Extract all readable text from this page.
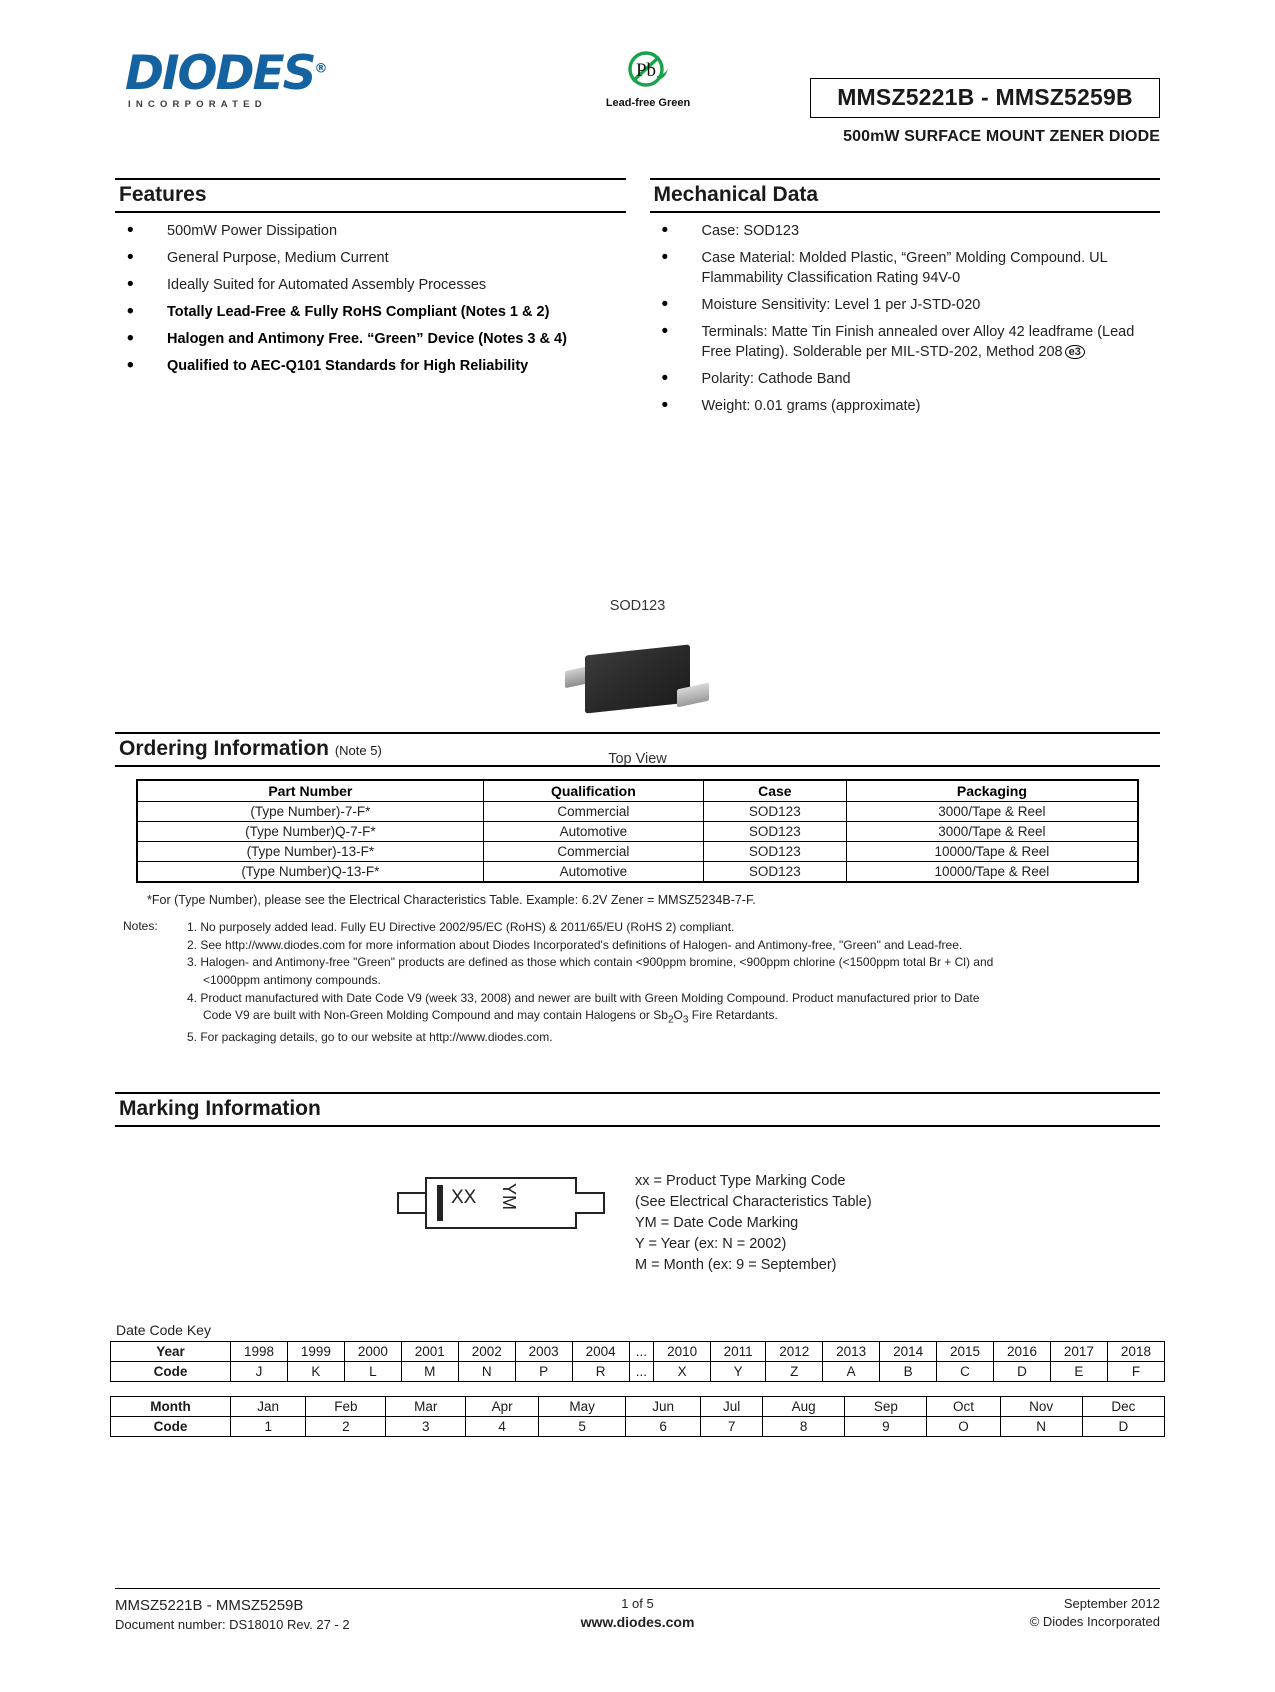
DIODES®
INCORPORATED
Pb
Lead-free Green	MMSZ5221B - MMSZ5259B
500mW SURFACE MOUNT ZENER DIODE
Features
• 500mW Power Dissipation
• General Purpose, Medium Current
• Ideally Suited for Automated Assembly Processes
• Totally Lead-Free & Fully RoHS Compliant (Notes 1 & 2)
• Halogen and Antimony Free. “Green” Device (Notes 3 & 4)
• Qualified to AEC-Q101 Standards for High Reliability
Mechanical Data
• Case: SOD123
• Case Material: Molded Plastic, “Green” Molding Compound. UL Flammability Classification Rating 94V-0
• Moisture Sensitivity: Level 1 per J-STD-020
• Terminals: Matte Tin Finish annealed over Alloy 42 leadframe (Lead Free Plating). Solderable per MIL-STD-202, Method 208 e3
• Polarity: Cathode Band
• Weight: 0.01 grams (approximate)
SOD123
Top View
Ordering Information (Note 5)
Part Number	Qualification	Case	Packaging
(Type Number)-7-F*	Commercial	SOD123	3000/Tape & Reel
(Type Number)Q-7-F*	Automotive	SOD123	3000/Tape & Reel
(Type Number)-13-F*	Commercial	SOD123	10000/Tape & Reel
(Type Number)Q-13-F*	Automotive	SOD123	10000/Tape & Reel
*For (Type Number), please see the Electrical Characteristics Table. Example: 6.2V Zener = MMSZ5234B-7-F.
Notes:	1. No purposely added lead. Fully EU Directive 2002/95/EC (RoHS) & 2011/65/EU (RoHS 2) compliant.
2. See http://www.diodes.com for more information about Diodes Incorporated's definitions of Halogen- and Antimony-free, "Green" and Lead-free.
3. Halogen- and Antimony-free "Green" products are defined as those which contain <900ppm bromine, <900ppm chlorine (<1500ppm total Br + Cl) and
<1000ppm antimony compounds.
4. Product manufactured with Date Code V9 (week 33, 2008) and newer are built with Green Molding Compound. Product manufactured prior to Date
Code V9 are built with Non-Green Molding Compound and may contain Halogens or $Sb_2O_3$ Fire Retardants.
5. For packaging details, go to our website at http://www.diodes.com.
Marking Information
XX YM
xx = Product Type Marking Code
(See Electrical Characteristics Table)
YM = Date Code Marking
Y = Year (ex: N = 2002)
M = Month (ex: 9 = September)
Date Code Key
Year	1998	1999	2000	2001	2002	2003	2004	...	2010	2011	2012	2013	2014	2015	2016	2017	2018
Code	J	K	L	M	N	P	R	...	X	Y	Z	A	B	C	D	E	F
Month	Jan	Feb	Mar	Apr	May	Jun	Jul	Aug	Sep	Oct	Nov	Dec
Code	1	2	3	4	5	6	7	8	9	O	N	D
MMSZ5221B - MMSZ5259B
Document number: DS18010 Rev. 27 - 2
1 of 5
www.diodes.com
September 2012
© Diodes Incorporated
